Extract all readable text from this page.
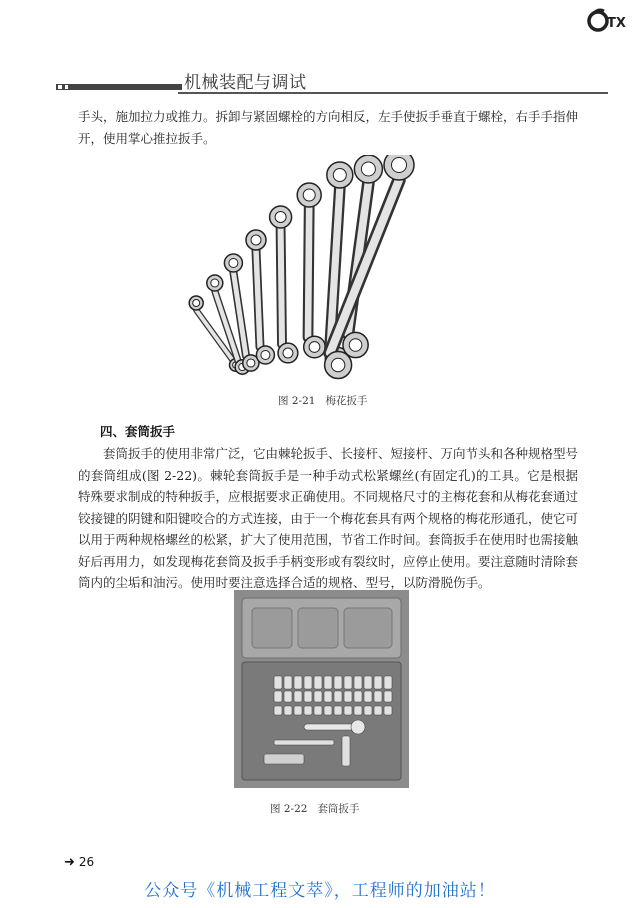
TX
机械装配与调试
手头，施加拉力或推力。拆卸与紧固螺栓的方向相反，左手使扳手垂直于螺栓，右手手指伸开，使用掌心推拉扳手。
图 2-21 梅花扳手
四、套筒扳手
套筒扳手的使用非常广泛，它由棘轮扳手、长接杆、短接杆、万向节头和各种规格型号的套筒组成(图 2-22)。棘轮套筒扳手是一种手动式松紧螺丝(有固定孔)的工具。它是根据特殊要求制成的特种扳手，应根据要求正确使用。不同规格尺寸的主梅花套和从梅花套通过铰接键的阴键和阳键咬合的方式连接，由于一个梅花套具有两个规格的梅花形通孔，使它可以用于两种规格螺丝的松紧，扩大了使用范围，节省工作时间。套筒扳手在使用时也需接触好后再用力，如发现梅花套筒及扳手手柄变形或有裂纹时，应停止使用。要注意随时清除套筒内的尘垢和油污。使用时要注意选择合适的规格、型号，以防滑脱伤手。
图 2-22 套筒扳手
➜ 26
公众号《机械工程文萃》，工程师的加油站！
